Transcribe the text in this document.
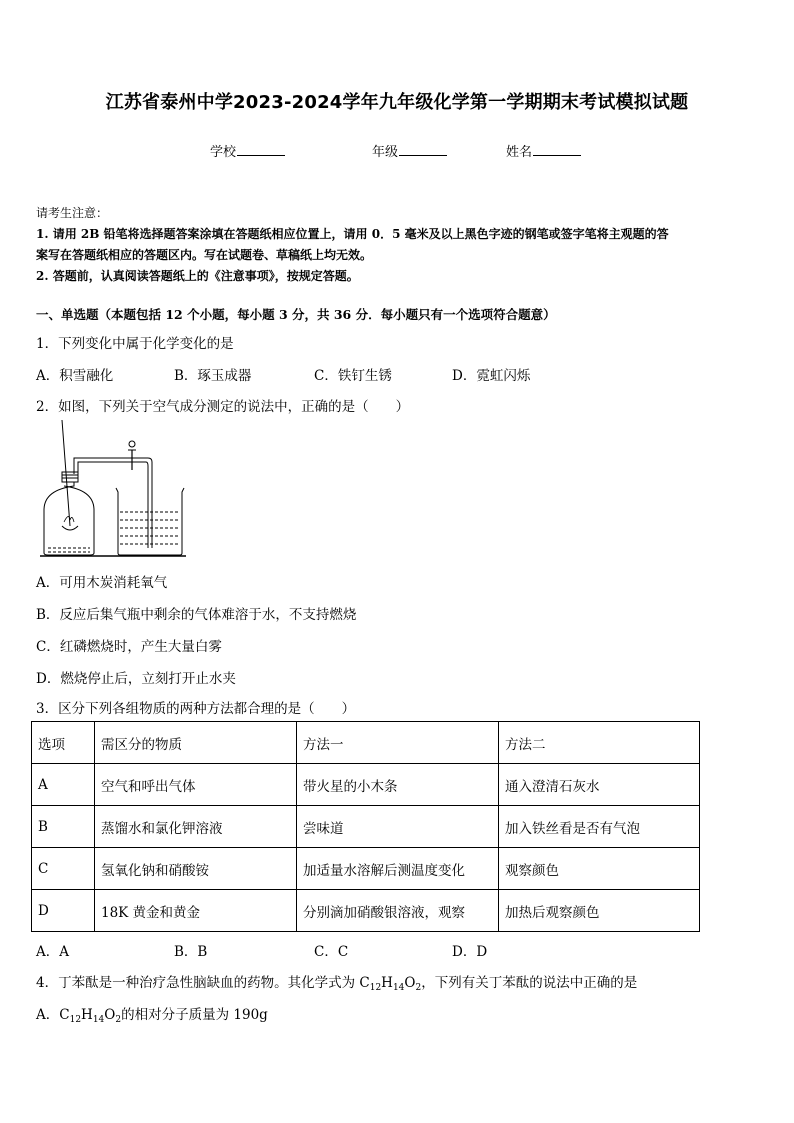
江苏省泰州中学2023-2024学年九年级化学第一学期期末考试模拟试题
学校	年级	姓名
请考生注意：
1. 请用 2B 铅笔将选择题答案涂填在答题纸相应位置上，请用 0．5 毫米及以上黑色字迹的钢笔或签字笔将主观题的答
案写在答题纸相应的答题区内。写在试题卷、草稿纸上均无效。
2. 答题前，认真阅读答题纸上的《注意事项》，按规定答题。
一、单选题（本题包括 12 个小题，每小题 3 分，共 36 分．每小题只有一个选项符合题意）
1．下列变化中属于化学变化的是
A．积雪融化	B．琢玉成器	C．铁钉生锈	D．霓虹闪烁
2．如图，下列关于空气成分测定的说法中，正确的是（　　）
A．可用木炭消耗氧气
B．反应后集气瓶中剩余的气体难溶于水，不支持燃烧
C．红磷燃烧时，产生大量白雾
D．燃烧停止后，立刻打开止水夹
3．区分下列各组物质的两种方法都合理的是（　　）
选项	需区分的物质	方法一	方法二
A	空气和呼出气体	带火星的小木条	通入澄清石灰水
B	蒸馏水和氯化钾溶液	尝味道	加入铁丝看是否有气泡
C	氢氧化钠和硝酸铵	加适量水溶解后测温度变化	观察颜色
D	18K 黄金和黄金	分别滴加硝酸银溶液，观察	加热后观察颜色
A．A	B．B	C．C	D．D
4．丁苯酞是一种治疗急性脑缺血的药物。其化学式为 $C_{12}H_{14}O_2$，下列有关丁苯酞的说法中正确的是
A．$C_{12}H_{14}O_2$的相对分子质量为 190g
